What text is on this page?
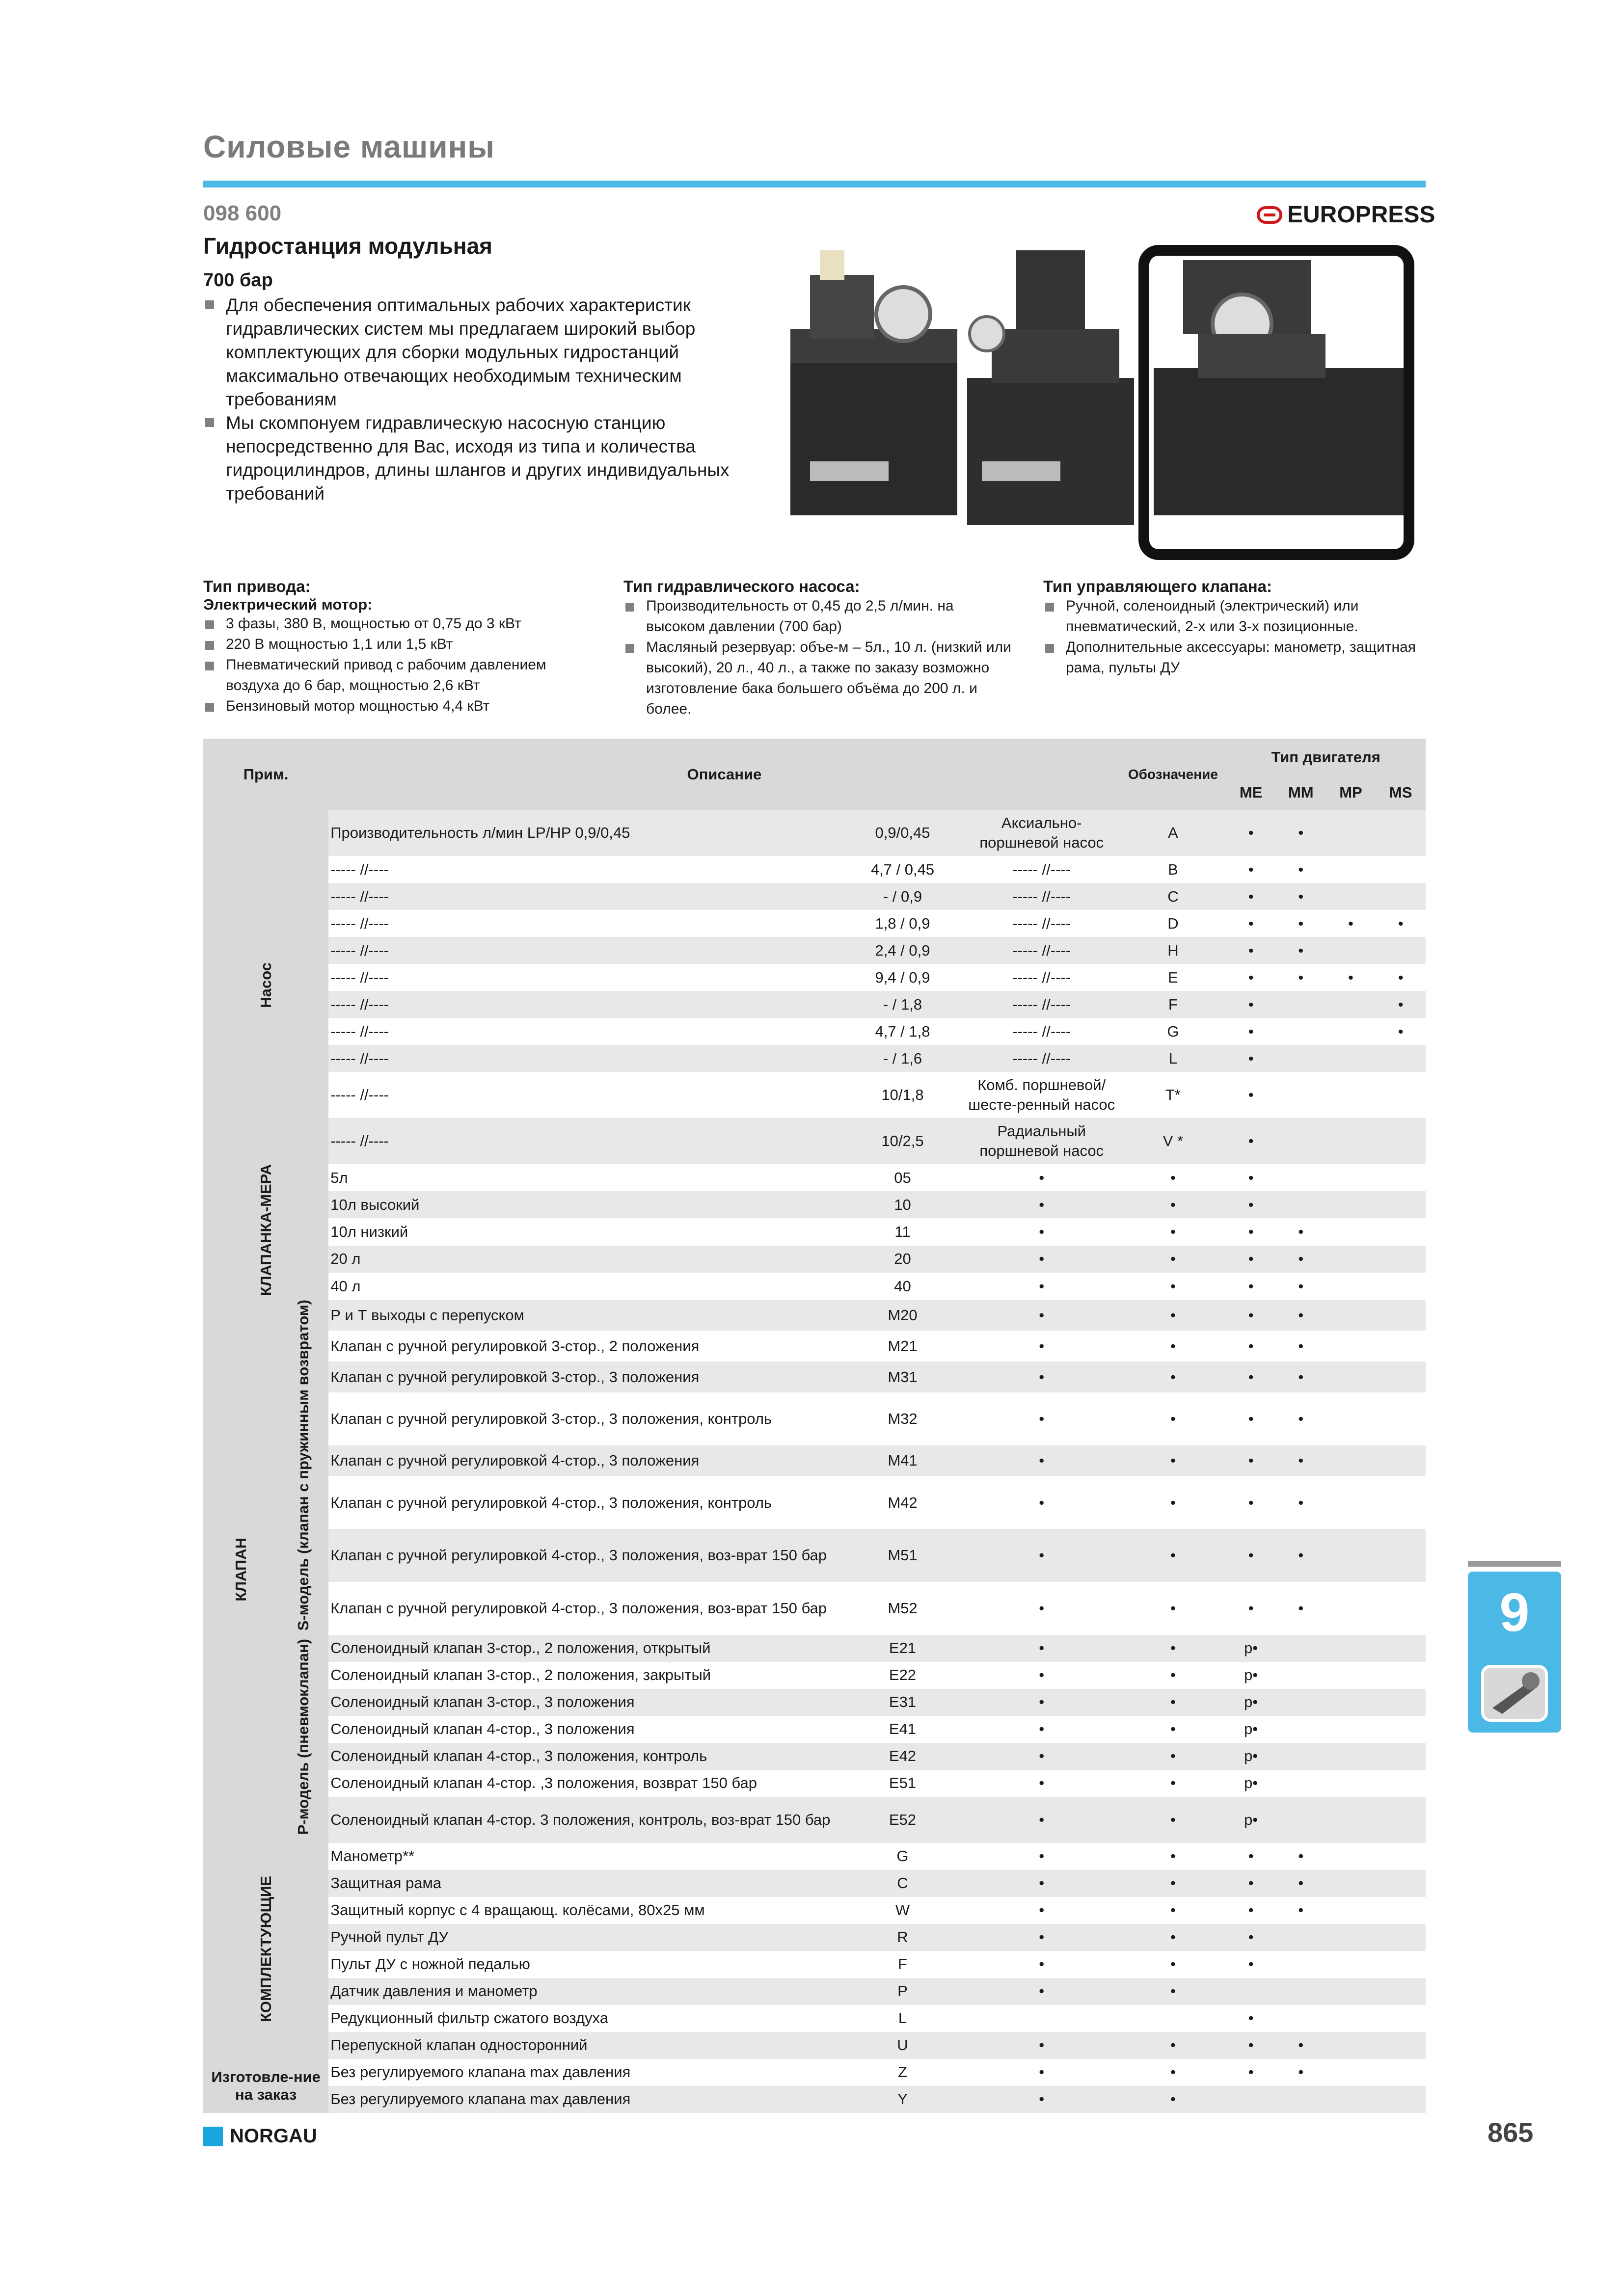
Силовые машины
098 600
Гидростанция модульная
EUROPRESS
700 бар
Для обеспечения оптимальных рабочих характеристик гидравлических систем мы предлагаем широкий выбор комплектующих для сборки модульных гидростанций максимально отвечающих необходимым техническим требованиям
Мы скомпонуем гидравлическую насосную станцию непосредственно для Вас, исходя из типа и количества гидроцилиндров, длины шлангов и других индивидуальных требований
Тип привода:
Электрический мотор:
3 фазы, 380 В, мощностью от 0,75 до 3 кВт
220 В мощностью 1,1 или 1,5 кВт
Пневматический привод с рабочим давлением воздуха до 6 бар, мощностью 2,6 кВт
Бензиновый мотор мощностью 4,4 кВт
Тип гидравлического насоса:
Производительность от 0,45 до 2,5 л/мин. на высоком давлении (700 бар)
Масляный резервуар: объе-м – 5л., 10 л. (низкий или высокий), 20 л., 40 л., а также по заказу возможно изготовление бака большего объёма до 200 л. и более.
Тип управляющего клапана:
Ручной, соленоидный (электрический) или пневматический, 2-х или 3-х позиционные.
Дополнительные аксессуары: манометр, защитная рама, пульты ДУ
Прим.		Описание			Обозначение	Тип двигателя			
						ME	MM	MP	MS
Насос		Производительность л/мин LP/HP 0,9/0,45	0,9/0,45	Аксиально-поршневой насос	A	•	•		
		----- //----	4,7 / 0,45	----- //----	B	•	•		
		----- //----	- / 0,9	----- //----	C	•	•		
		----- //----	1,8 / 0,9	----- //----	D	•	•	•	•
		----- //----	2,4 / 0,9	----- //----	H	•	•		
		----- //----	9,4 / 0,9	----- //----	E	•	•	•	•
		----- //----	- / 1,8	----- //----	F	•			•
		----- //----	4,7 / 1,8	----- //----	G	•			•
		----- //----	- / 1,6	----- //----	L	•			
		----- //----	10/1,8	Комб. поршневой/ шесте-ренный насос	T*	•			
		----- //----	10/2,5	Радиальный поршневой насос	V *	•			
КЛАПАНКА-МЕРА		5л	05	•	•	•			
		10л высокий	10	•	•	•			
		10л низкий	11	•	•	•	•		
		20 л	20	•	•	•	•		
		40 л	40	•	•	•	•		
КЛАПАН	S-модель (клапан с пружинным возвратом)	Р и Т выходы с перепуском	M20	•	•	•	•		
		Клапан с ручной регулировкой 3-стор., 2 положения	M21	•	•	•	•		
		Клапан с ручной регулировкой 3-стор., 3 положения	M31	•	•	•	•		
		Клапан с ручной регулировкой 3-стор., 3 положения, контроль	M32	•	•	•	•		
		Клапан с ручной регулировкой 4-стор., 3 положения	M41	•	•	•	•		
		Клапан с ручной регулировкой 4-стор., 3 положения, контроль	M42	•	•	•	•		
		Клапан с ручной регулировкой 4-стор., 3 положения, воз-врат 150 бар	M51	•	•	•	•		
		Клапан с ручной регулировкой 4-стор., 3 положения, воз-врат 150 бар	M52	•	•	•	•		
	Р-модель (пневмоклапан)	Соленоидный клапан 3-стор., 2 положения, открытый	E21	•	•	p•			
		Соленоидный клапан 3-стор., 2 положения, закрытый	E22	•	•	p•			
		Соленоидный клапан 3-стор., 3 положения	E31	•	•	p•			
		Соленоидный клапан 4-стор., 3 положения	E41	•	•	p•			
		Соленоидный клапан 4-стор., 3 положения, контроль	E42	•	•	p•			
		Соленоидный клапан 4-стор. ,3 положения, возврат 150 бар	E51	•	•	p•			
		Соленоидный клапан 4-стор. 3 положения, контроль, воз-врат 150 бар	E52	•	•	p•			
КОМПЛЕКТУЮЩИЕ		Манометр**	G	•	•	•	•		
		Защитная рама	C	•	•	•	•		
		Защитный корпус с 4 вращающ. колёсами, 80х25 мм	W	•	•	•	•		
		Ручной пульт ДУ	R	•	•	•			
		Пульт ДУ с ножной педалью	F	•	•	•			
		Датчик давления и манометр	P	•	•				
		Редукционный фильтр сжатого воздуха	L			•			
		Перепускной клапан односторонний	U	•	•	•	•		
Изготовле-ние на заказ		Без регулируемого клапана max давления	Z	•	•	•	•		
		Без регулируемого клапана max давления	Y	•	•				
9
NORGAU	865
